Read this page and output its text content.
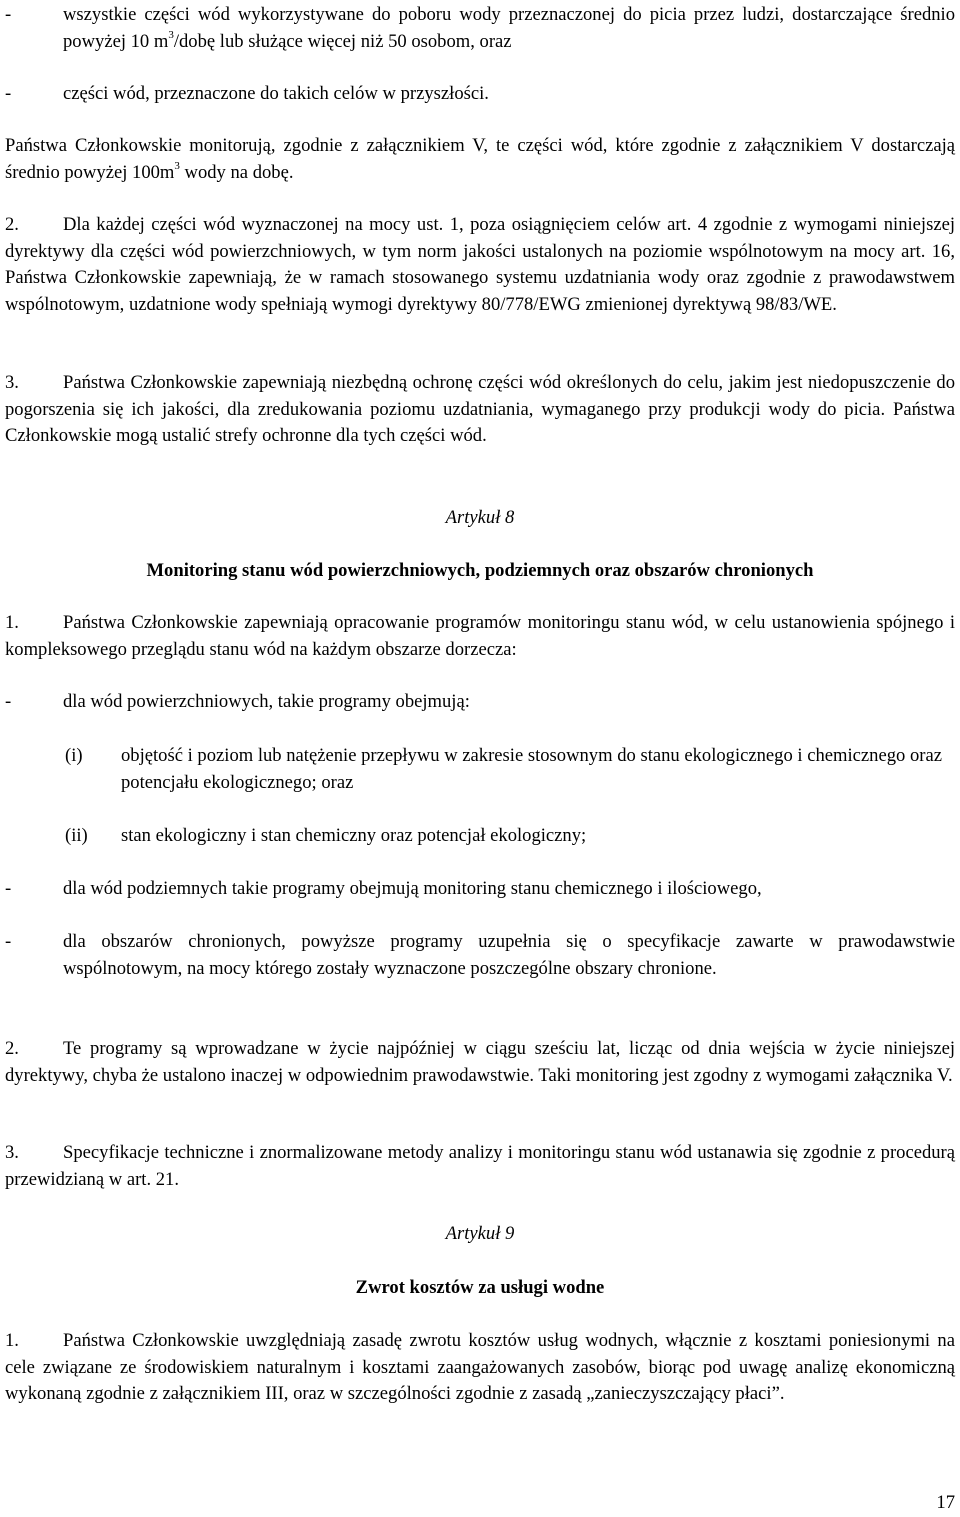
-	wszystkie części wód wykorzystywane do poboru wody przeznaczonej do picia przez ludzi, dostarczające średnio powyżej 10 $m^3$/dobę lub służące więcej niż 50 osobom, oraz
-	części wód, przeznaczone do takich celów w przyszłości.
Państwa Członkowskie monitorują, zgodnie z załącznikiem V, te części wód, które zgodnie z załącznikiem V dostarczają średnio powyżej $100m^3$ wody na dobę.
2. Dla każdej części wód wyznaczonej na mocy ust. 1, poza osiągnięciem celów art. 4 zgodnie z wymogami niniejszej dyrektywy dla części wód powierzchniowych, w tym norm jakości ustalonych na poziomie wspólnotowym na mocy art. 16, Państwa Członkowskie zapewniają, że w ramach stosowanego systemu uzdatniania wody oraz zgodnie z prawodawstwem wspólnotowym, uzdatnione wody spełniają wymogi dyrektywy 80/778/EWG zmienionej dyrektywą 98/83/WE.
3. Państwa Członkowskie zapewniają niezbędną ochronę części wód określonych do celu, jakim jest niedopuszczenie do pogorszenia się ich jakości, dla zredukowania poziomu uzdatniania, wymaganego przy produkcji wody do picia. Państwa Członkowskie mogą ustalić strefy ochronne dla tych części wód.
Artykuł 8
Monitoring stanu wód powierzchniowych, podziemnych oraz obszarów chronionych
1. Państwa Członkowskie zapewniają opracowanie programów monitoringu stanu wód, w celu ustanowienia spójnego i kompleksowego przeglądu stanu wód na każdym obszarze dorzecza:
-	dla wód powierzchniowych, takie programy obejmują:
(i) objętość i poziom lub natężenie przepływu w zakresie stosownym do stanu ekologicznego i chemicznego oraz potencjału ekologicznego; oraz
(ii) stan ekologiczny i stan chemiczny oraz potencjał ekologiczny;
-	dla wód podziemnych takie programy obejmują monitoring stanu chemicznego i ilościowego,
-	dla obszarów chronionych, powyższe programy uzupełnia się o specyfikacje zawarte w prawodawstwie wspólnotowym, na mocy którego zostały wyznaczone poszczególne obszary chronione.
2. Te programy są wprowadzane w życie najpóźniej w ciągu sześciu lat, licząc od dnia wejścia w życie niniejszej dyrektywy, chyba że ustalono inaczej w odpowiednim prawodawstwie. Taki monitoring jest zgodny z wymogami załącznika V.
3. Specyfikacje techniczne i znormalizowane metody analizy i monitoringu stanu wód ustanawia się zgodnie z procedurą przewidzianą w art. 21.
Artykuł 9
Zwrot kosztów za usługi wodne
1. Państwa Członkowskie uwzględniają zasadę zwrotu kosztów usług wodnych, włącznie z kosztami poniesionymi na cele związane ze środowiskiem naturalnym i kosztami zaangażowanych zasobów, biorąc pod uwagę analizę ekonomiczną wykonaną zgodnie z załącznikiem III, oraz w szczególności zgodnie z zasadą „zanieczyszczający płaci”.
17
